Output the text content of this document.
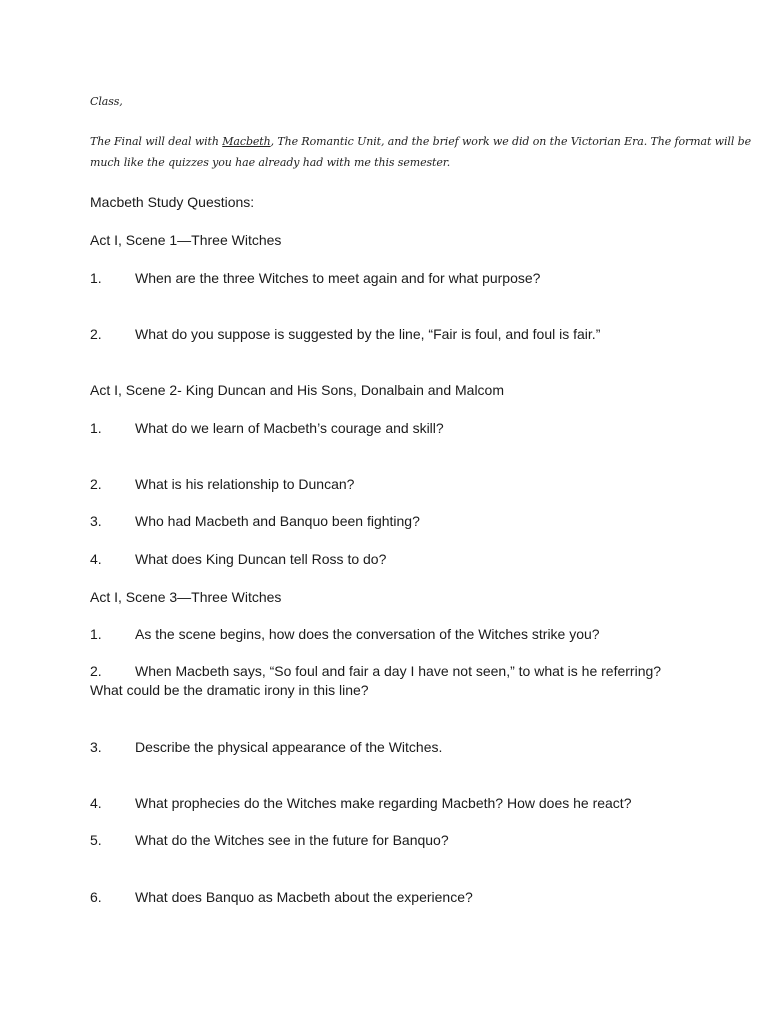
Class,
The Final will deal with Macbeth, The Romantic Unit, and the brief work we did on the Victorian Era. The format will be
much like the quizzes you hae already had with me this semester.
Macbeth Study Questions:
Act I, Scene 1—Three Witches
1. When are the three Witches to meet again and for what purpose?
2. What do you suppose is suggested by the line, “Fair is foul, and foul is fair.”
Act I, Scene 2- King Duncan and His Sons, Donalbain and Malcom
1. What do we learn of Macbeth’s courage and skill?
2. What is his relationship to Duncan?
3. Who had Macbeth and Banquo been fighting?
4. What does King Duncan tell Ross to do?
Act I, Scene 3—Three Witches
1. As the scene begins, how does the conversation of the Witches strike you?
2. When Macbeth says, “So foul and fair a day I have not seen,” to what is he referring?
What could be the dramatic irony in this line?
3. Describe the physical appearance of the Witches.
4. What prophecies do the Witches make regarding Macbeth? How does he react?
5. What do the Witches see in the future for Banquo?
6. What does Banquo as Macbeth about the experience?
